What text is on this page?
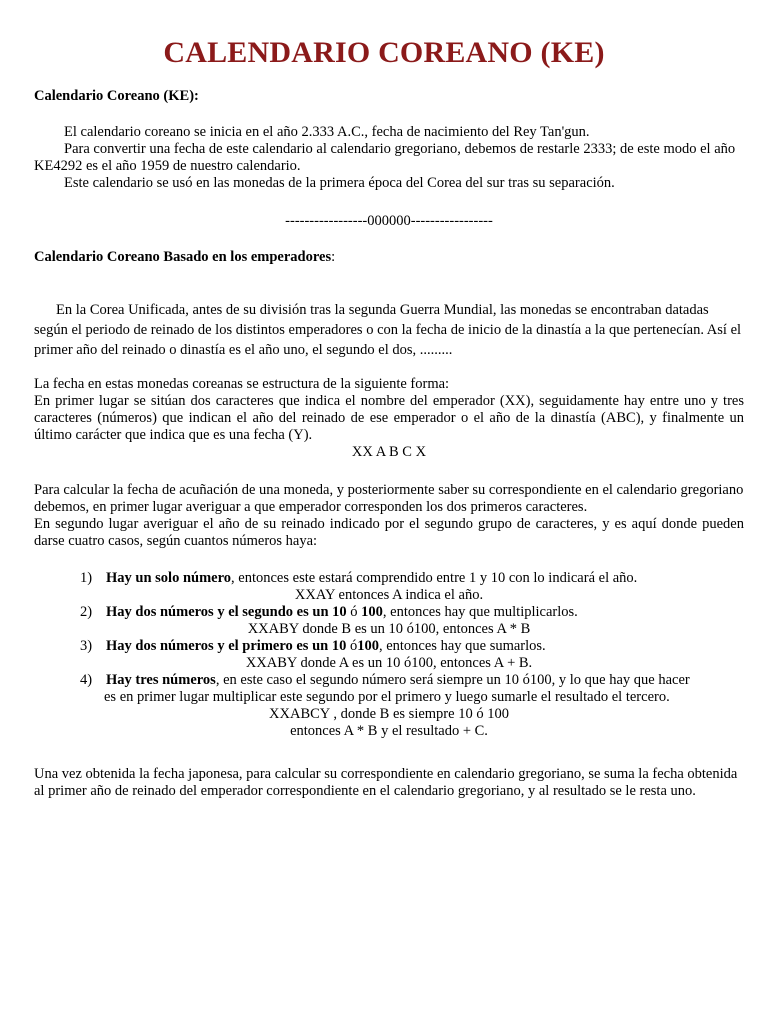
CALENDARIO COREANO (KE)
Calendario Coreano (KE):

El calendario coreano se inicia en el año 2.333 A.C., fecha de nacimiento del Rey Tan'gun.

Para convertir una fecha de este calendario al calendario gregoriano, debemos de restarle 2333; de este modo el año KE4292 es el año 1959 de nuestro calendario.

Este calendario se usó en las monedas de la primera época del Corea del sur tras su separación.

-----------------000000-----------------
Calendario Coreano Basado en los emperadores:

En la Corea Unificada, antes de su división tras la segunda Guerra Mundial, las monedas se encontraban datadas según el periodo de reinado de los distintos emperadores o con la fecha de inicio de la dinastía a la que pertenecían. Así el primer año del reinado o dinastía es el año uno, el segundo el dos, .........

La fecha en estas monedas coreanas se estructura de la siguiente forma:

En primer lugar se sitúan dos caracteres que indica el nombre del emperador (XX), seguidamente hay entre uno y tres caracteres (números) que indican el año del reinado de ese emperador o el año de la dinastía (ABC), y finalmente un último carácter que indica que es una fecha (Y).

XX A B C X

Para calcular la fecha de acuñación de una moneda, y posteriormente saber su correspondiente en el calendario gregoriano debemos, en primer lugar averiguar a que emperador corresponden los dos primeros caracteres.

En segundo lugar averiguar el año de su reinado indicado por el segundo grupo de caracteres, y es aquí donde pueden darse cuatro casos, según cuantos números haya:

1) Hay un solo número, entonces este estará comprendido entre 1 y 10 con lo indicará el año.

XXAY entonces A indica el año.

2) Hay dos números y el segundo es un 10 ó 100, entonces hay que multiplicarlos.

XXABY donde B es un 10 ó100, entonces A * B

3) Hay dos números y el primero es un 10 ó100, entonces hay que sumarlos.

XXABY donde A es un 10 ó100, entonces A + B.

4) Hay tres números, en este caso el segundo número será siempre un 10 ó100, y lo que hay que hacer

es en primer lugar multiplicar este segundo por el primero y luego sumarle el resultado el tercero.

XXABCY , donde B es siempre 10 ó 100

entonces A * B y el resultado + C.

Una vez obtenida la fecha japonesa, para calcular su correspondiente en calendario gregoriano, se suma la fecha obtenida al primer año de reinado del emperador correspondiente en el calendario gregoriano, y al resultado se le resta uno.
